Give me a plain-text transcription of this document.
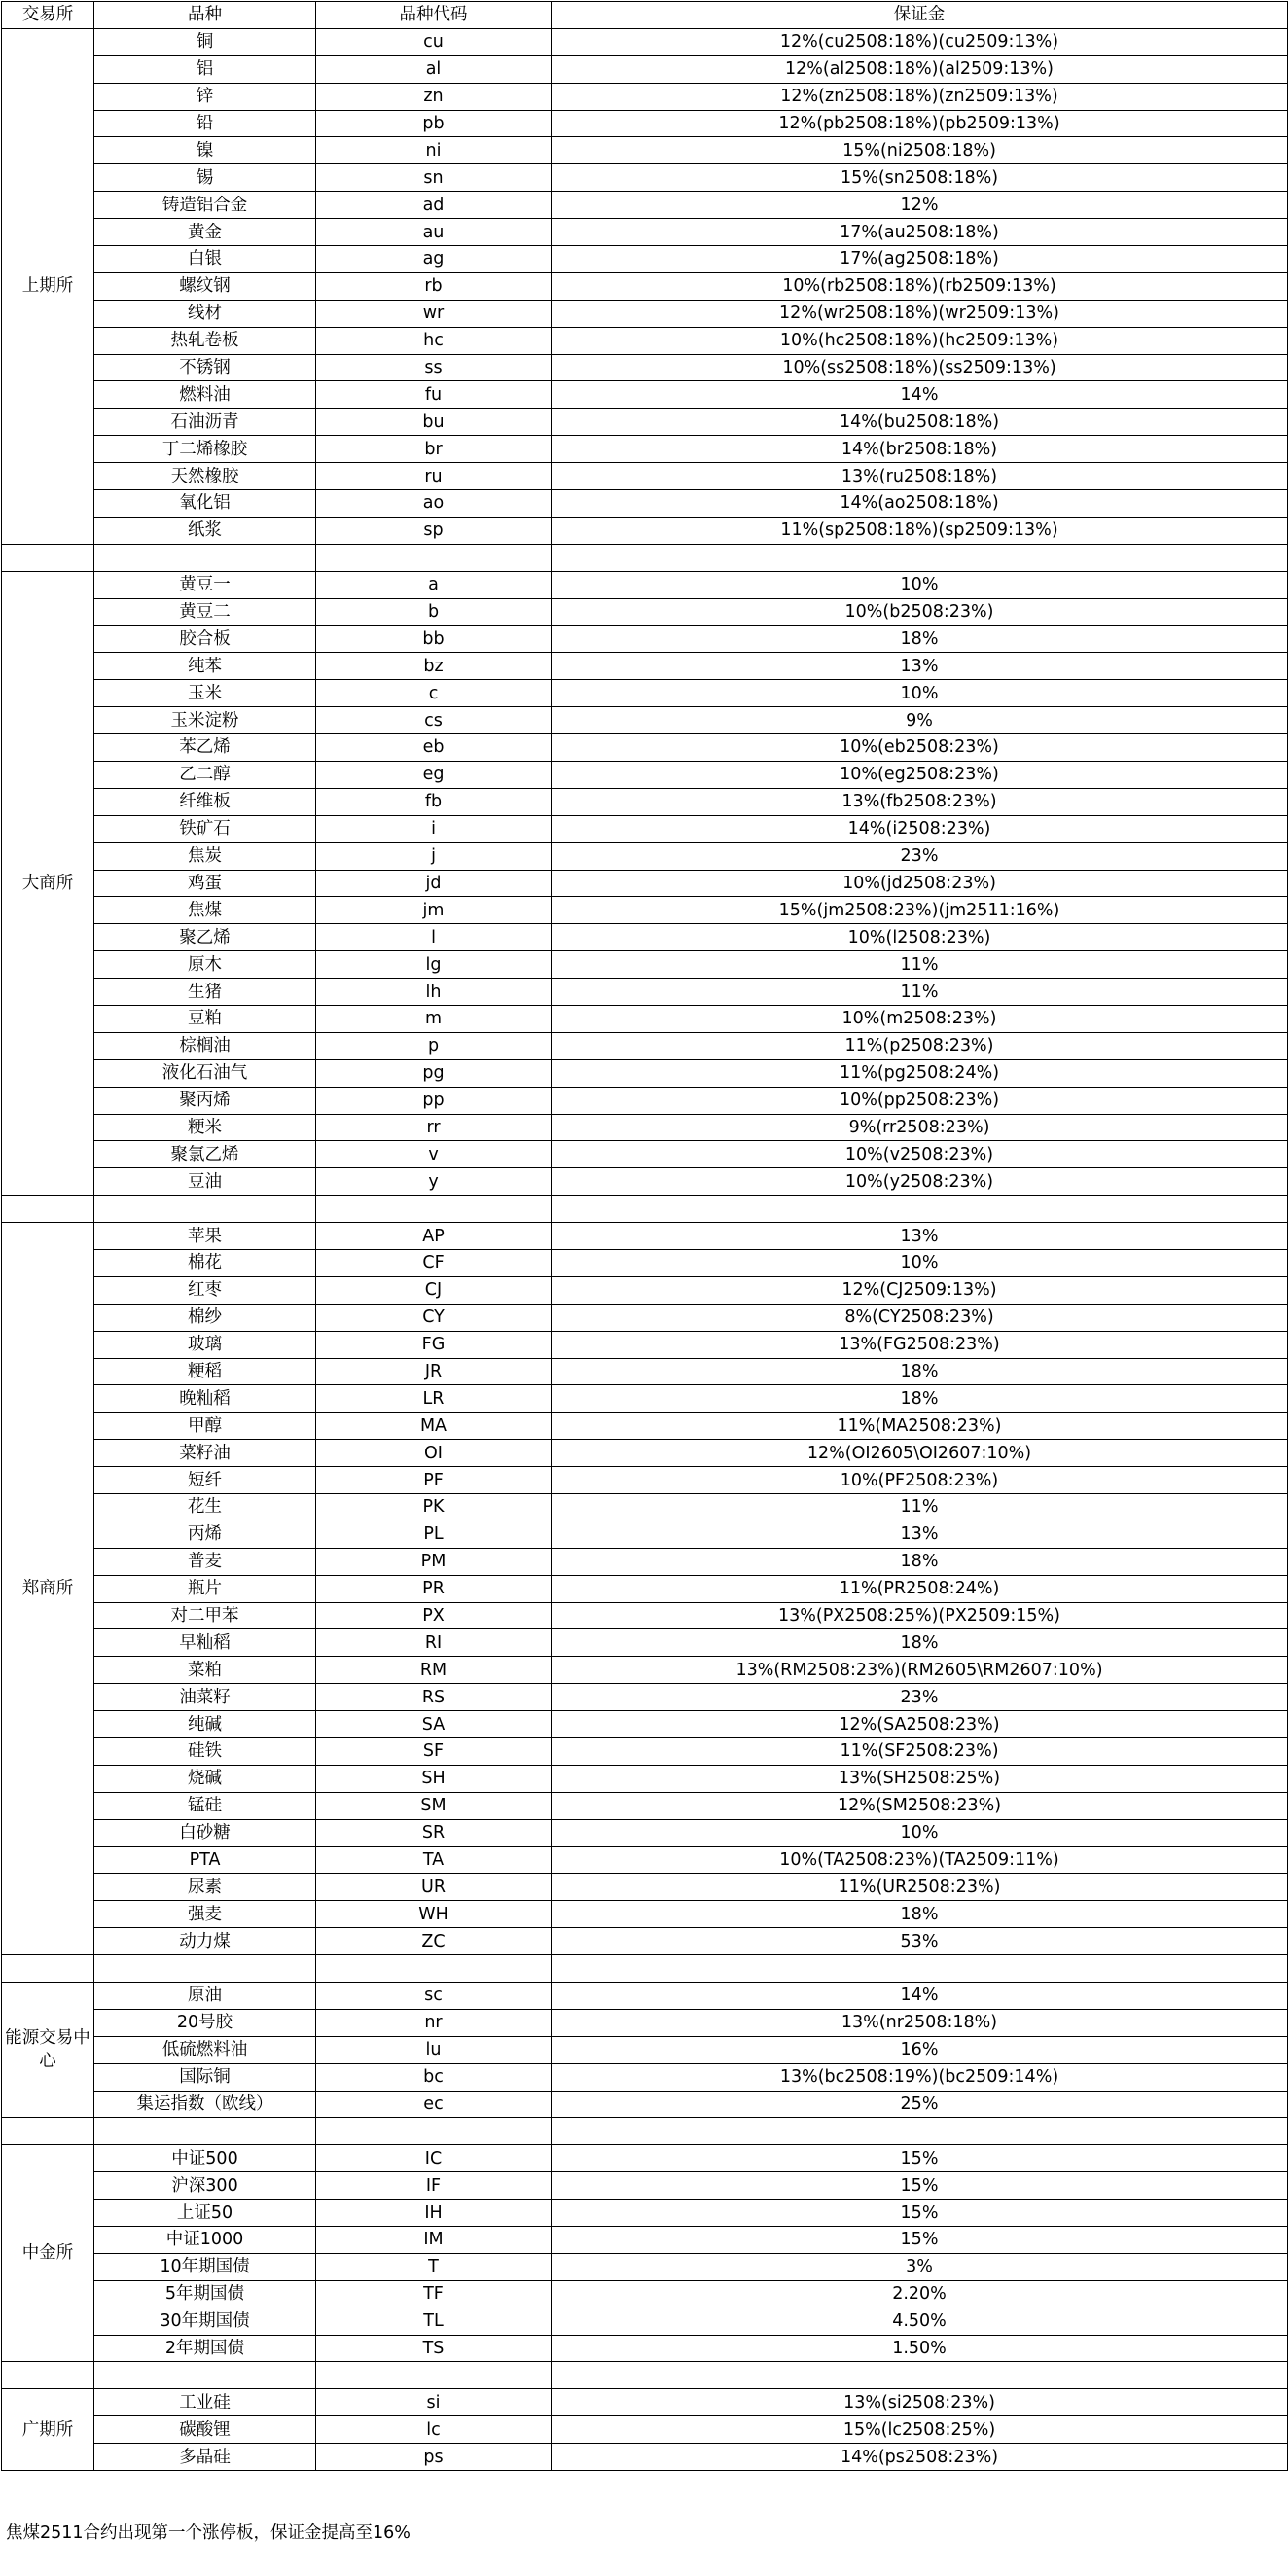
交易所	品种	品种代码	保证金
上期所	铜	cu	12%(cu2508:18%)(cu2509:13%)
	铝	al	12%(al2508:18%)(al2509:13%)
	锌	zn	12%(zn2508:18%)(zn2509:13%)
	铅	pb	12%(pb2508:18%)(pb2509:13%)
	镍	ni	15%(ni2508:18%)
	锡	sn	15%(sn2508:18%)
	铸造铝合金	ad	12%
	黄金	au	17%(au2508:18%)
	白银	ag	17%(ag2508:18%)
	螺纹钢	rb	10%(rb2508:18%)(rb2509:13%)
	线材	wr	12%(wr2508:18%)(wr2509:13%)
	热轧卷板	hc	10%(hc2508:18%)(hc2509:13%)
	不锈钢	ss	10%(ss2508:18%)(ss2509:13%)
	燃料油	fu	14%
	石油沥青	bu	14%(bu2508:18%)
	丁二烯橡胶	br	14%(br2508:18%)
	天然橡胶	ru	13%(ru2508:18%)
	氧化铝	ao	14%(ao2508:18%)
	纸浆	sp	11%(sp2508:18%)(sp2509:13%)

大商所	黄豆一	a	10%
	黄豆二	b	10%(b2508:23%)
	胶合板	bb	18%
	纯苯	bz	13%
	玉米	c	10%
	玉米淀粉	cs	9%
	苯乙烯	eb	10%(eb2508:23%)
	乙二醇	eg	10%(eg2508:23%)
	纤维板	fb	13%(fb2508:23%)
	铁矿石	i	14%(i2508:23%)
	焦炭	j	23%
	鸡蛋	jd	10%(jd2508:23%)
	焦煤	jm	15%(jm2508:23%)(jm2511:16%)
	聚乙烯	l	10%(l2508:23%)
	原木	lg	11%
	生猪	lh	11%
	豆粕	m	10%(m2508:23%)
	棕榈油	p	11%(p2508:23%)
	液化石油气	pg	11%(pg2508:24%)
	聚丙烯	pp	10%(pp2508:23%)
	粳米	rr	9%(rr2508:23%)
	聚氯乙烯	v	10%(v2508:23%)
	豆油	y	10%(y2508:23%)

郑商所	苹果	AP	13%
	棉花	CF	10%
	红枣	CJ	12%(CJ2509:13%)
	棉纱	CY	8%(CY2508:23%)
	玻璃	FG	13%(FG2508:23%)
	粳稻	JR	18%
	晚籼稻	LR	18%
	甲醇	MA	11%(MA2508:23%)
	菜籽油	OI	12%(OI2605\OI2607:10%)
	短纤	PF	10%(PF2508:23%)
	花生	PK	11%
	丙烯	PL	13%
	普麦	PM	18%
	瓶片	PR	11%(PR2508:24%)
	对二甲苯	PX	13%(PX2508:25%)(PX2509:15%)
	早籼稻	RI	18%
	菜粕	RM	13%(RM2508:23%)(RM2605\RM2607:10%)
	油菜籽	RS	23%
	纯碱	SA	12%(SA2508:23%)
	硅铁	SF	11%(SF2508:23%)
	烧碱	SH	13%(SH2508:25%)
	锰硅	SM	12%(SM2508:23%)
	白砂糖	SR	10%
	PTA	TA	10%(TA2508:23%)(TA2509:11%)
	尿素	UR	11%(UR2508:23%)
	强麦	WH	18%
	动力煤	ZC	53%

能源交易中心	原油	sc	14%
	20号胶	nr	13%(nr2508:18%)
	低硫燃料油	lu	16%
	国际铜	bc	13%(bc2508:19%)(bc2509:14%)
	集运指数（欧线）	ec	25%

中金所	中证500	IC	15%
	沪深300	IF	15%
	上证50	IH	15%
	中证1000	IM	15%
	10年期国债	T	3%
	5年期国债	TF	2.20%
	30年期国债	TL	4.50%
	2年期国债	TS	1.50%

广期所	工业硅	si	13%(si2508:23%)
	碳酸锂	lc	15%(lc2508:25%)
	多晶硅	ps	14%(ps2508:23%)
焦煤2511合约出现第一个涨停板，保证金提高至16%
